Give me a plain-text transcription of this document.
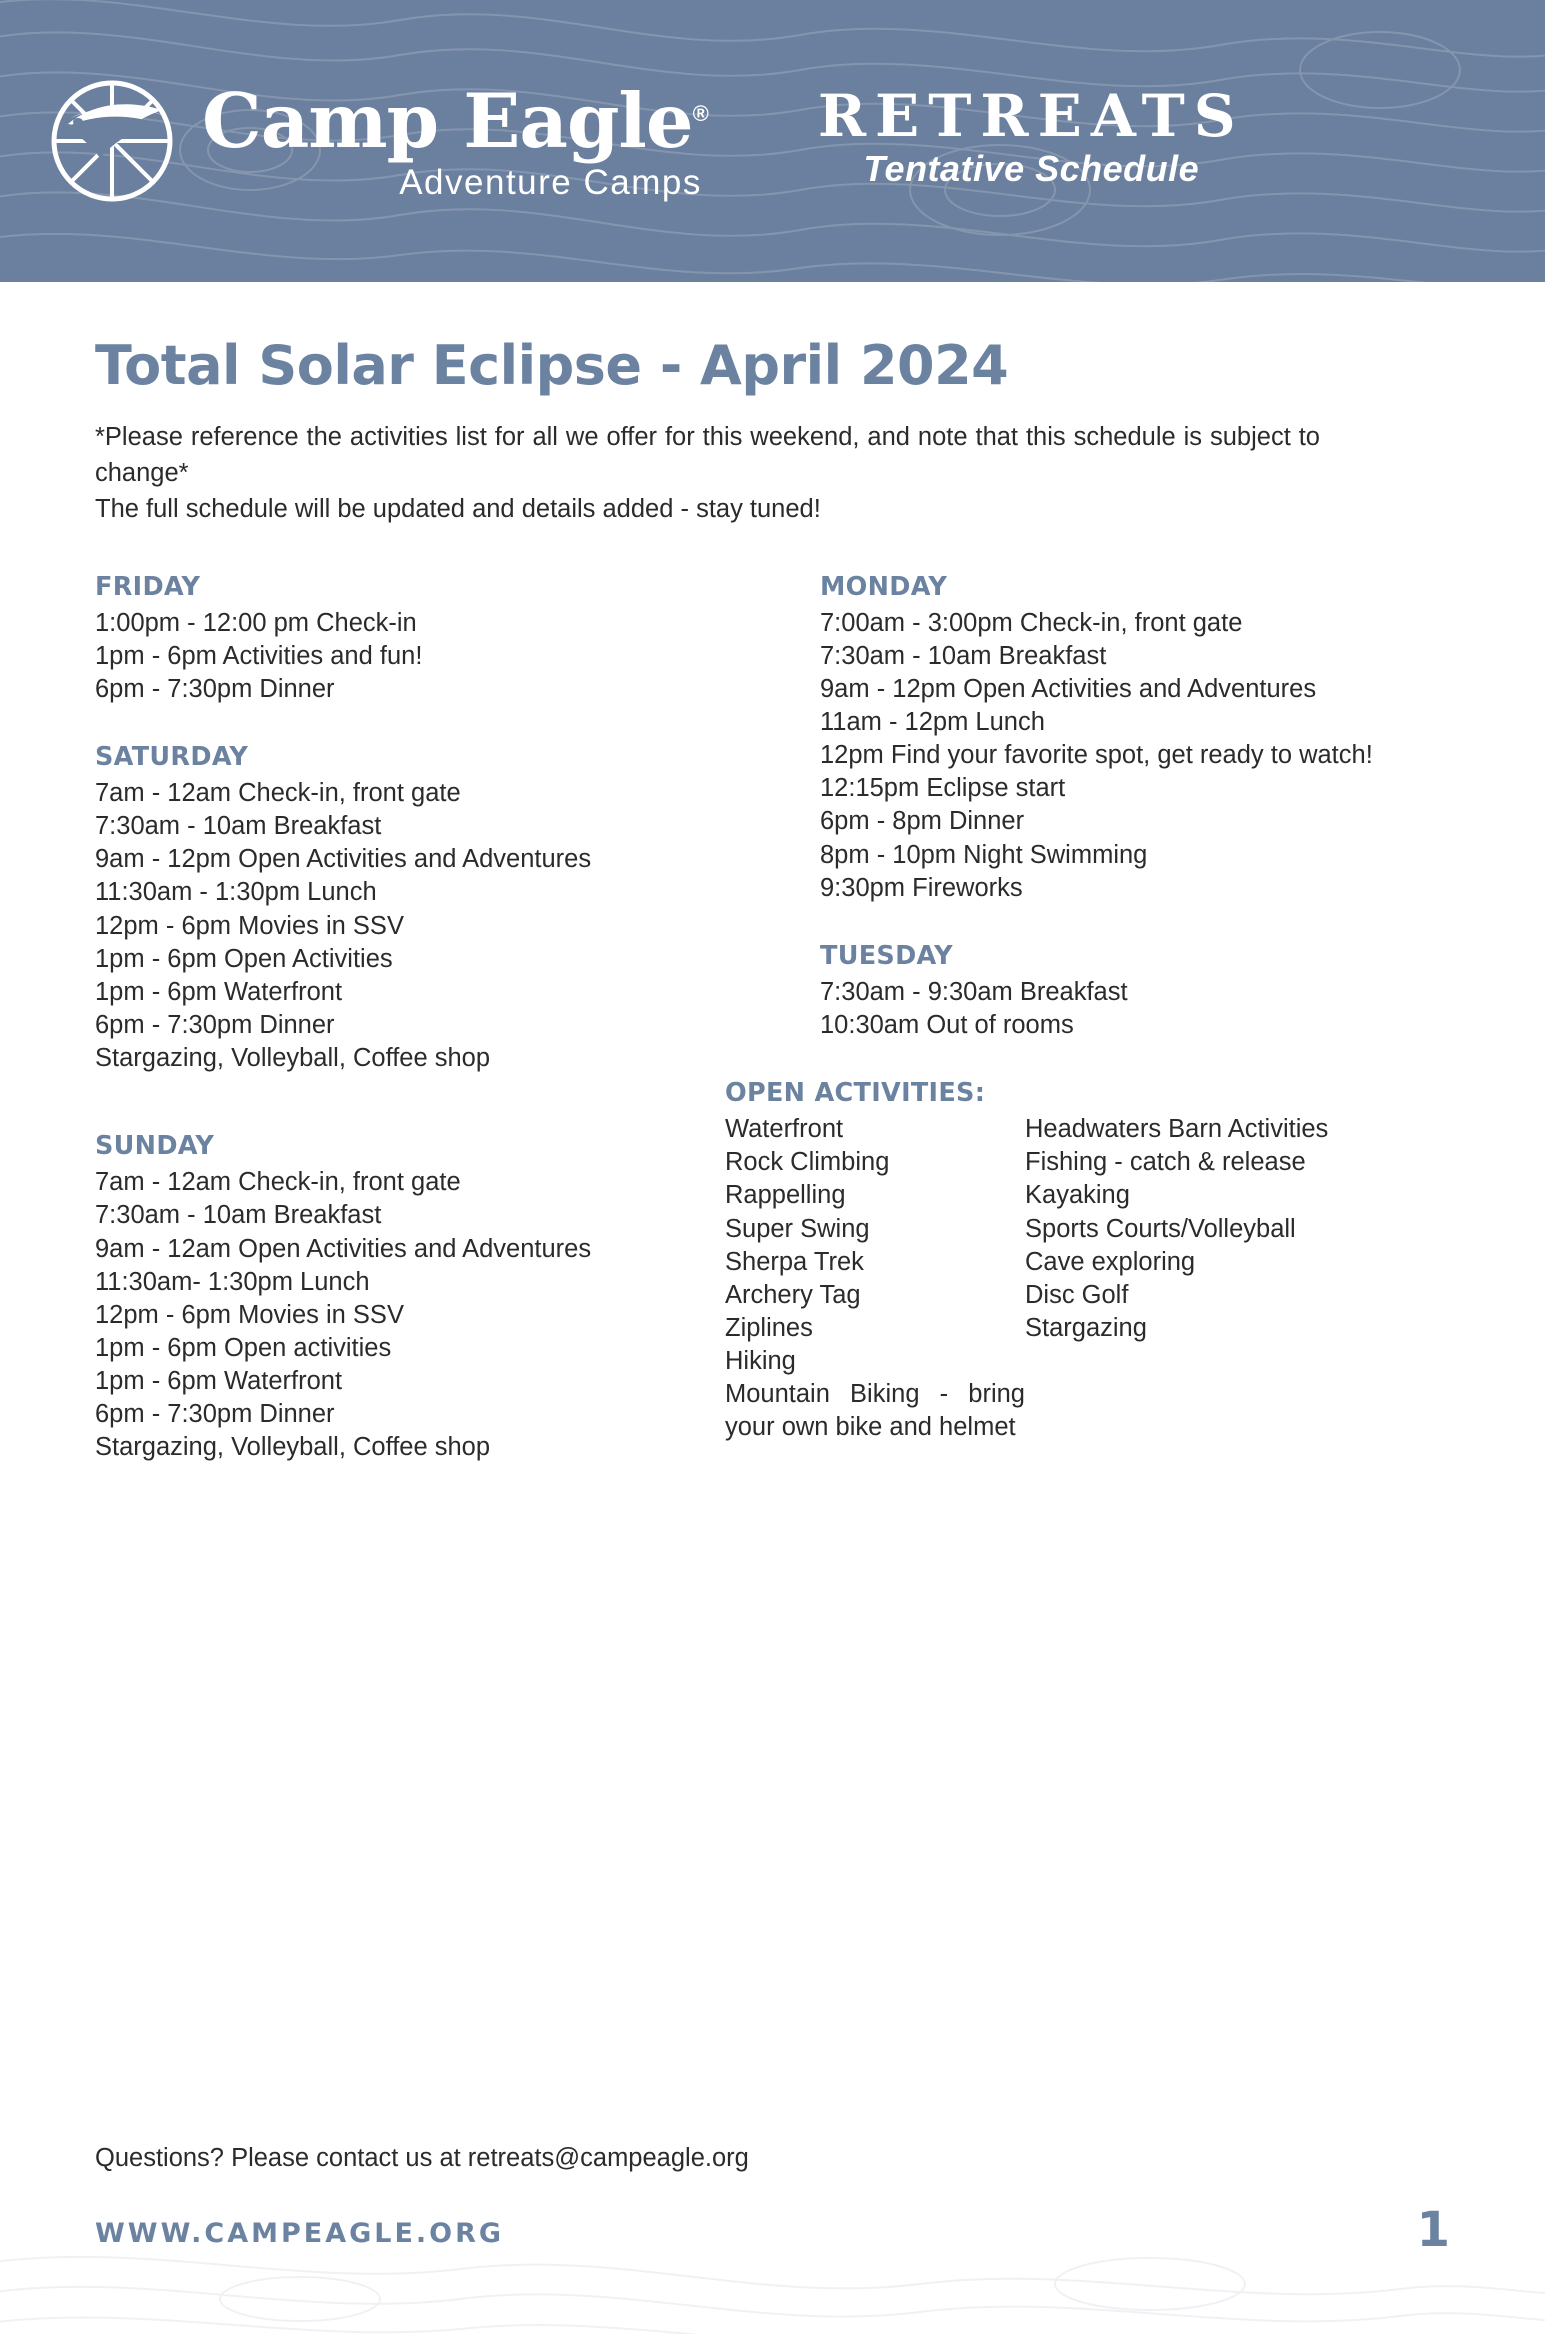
Camp Eagle®
Adventure Camps
RETREATS
Tentative Schedule
Total Solar Eclipse - April 2024
*Please reference the activities list for all we offer for this weekend, and note that this schedule is subject to change*
The full schedule will be updated and details added - stay tuned!
FRIDAY
1:00pm - 12:00 pm Check-in
1pm - 6pm Activities and fun!
6pm - 7:30pm Dinner
SATURDAY
7am - 12am Check-in, front gate
7:30am - 10am Breakfast
9am - 12pm Open Activities and Adventures
11:30am - 1:30pm Lunch
12pm - 6pm Movies in SSV
1pm - 6pm Open Activities
1pm - 6pm Waterfront
6pm - 7:30pm Dinner
Stargazing, Volleyball, Coffee shop
SUNDAY
7am - 12am Check-in, front gate
7:30am - 10am Breakfast
9am - 12am Open Activities and Adventures
11:30am- 1:30pm Lunch
12pm - 6pm Movies in SSV
1pm - 6pm Open activities
1pm - 6pm Waterfront
6pm - 7:30pm Dinner
Stargazing, Volleyball, Coffee shop
MONDAY
7:00am - 3:00pm Check-in, front gate
7:30am - 10am Breakfast
9am - 12pm Open Activities and Adventures
11am - 12pm Lunch
12pm Find your favorite spot, get ready to watch!
12:15pm Eclipse start
6pm - 8pm Dinner
8pm - 10pm Night Swimming
9:30pm Fireworks
TUESDAY
7:30am - 9:30am Breakfast
10:30am Out of rooms
OPEN ACTIVITIES:
Waterfront
Rock Climbing
Rappelling
Super Swing
Sherpa Trek
Archery Tag
Ziplines
Hiking
Mountain Biking - bring your own bike and helmet
Headwaters Barn Activities
Fishing - catch & release
Kayaking
Sports Courts/Volleyball
Cave exploring
Disc Golf
Stargazing
Questions? Please contact us at retreats@campeagle.org
WWW.CAMPEAGLE.ORG	1
